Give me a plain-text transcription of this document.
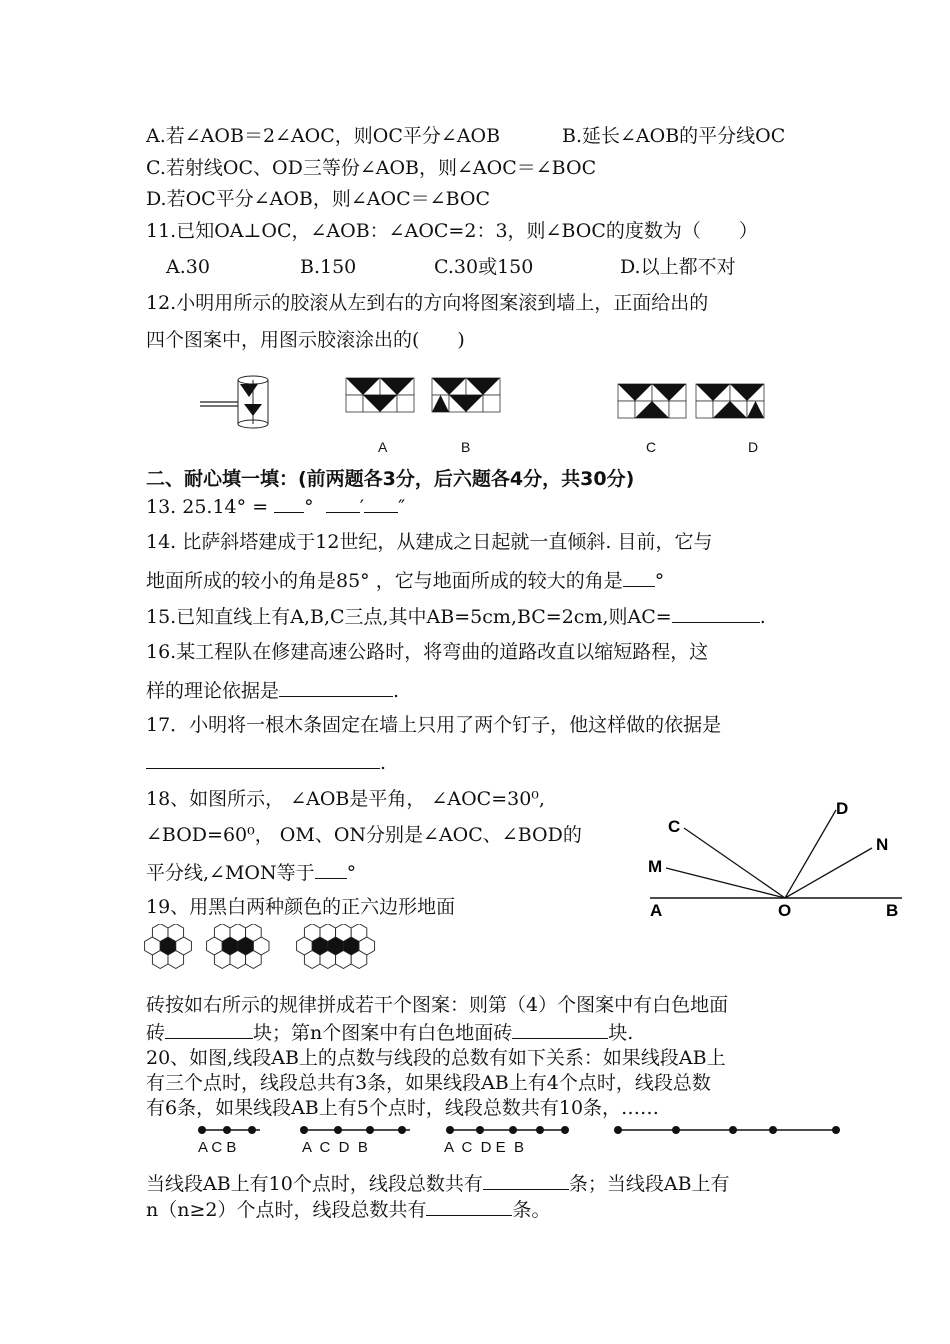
A.若∠AOB＝2∠AOC，则OC平分∠AOB	B.延长∠AOB的平分线OC
C.若射线OC、OD三等份∠AOB，则∠AOC＝∠BOC
D.若OC平分∠AOB，则∠AOC＝∠BOC
11.已知OA⊥OC，∠AOB：∠AOC=2：3，则∠BOC的度数为（　　）
A.30	B.150	C.30或150	D.以上都不对
12.小明用所示的胶滚从左到右的方向将图案滚到墙上，正面给出的
四个图案中，用图示胶滚涂出的(　　)
A	B	C	D
二、耐心填一填：(前两题各3分，后六题各4分，共30分)
13. 25.14° = ° ′ ″
14. 比萨斜塔建成于12世纪，从建成之日起就一直倾斜. 目前，它与
地面所成的较小的角是85° ，它与地面所成的较大的角是 °
15.已知直线上有A,B,C三点,其中AB=5cm,BC=2cm,则AC=	.
16.某工程队在修建高速公路时，将弯曲的道路改直以缩短路程，这
样的理论依据是	.
17．小明将一根木条固定在墙上只用了两个钉子，他这样做的依据是
.
18、如图所示， ∠AOB是平角， ∠AOC=30⁰,
∠BOD=60⁰， OM、ON分别是∠AOC、∠BOD的
平分线,∠MON等于 °
A	O	B
C
D
M
N
19、用黑白两种颜色的正六边形地面
砖按如右所示的规律拼成若干个图案：则第（4）个图案中有白色地面
砖	块；第n个图案中有白色地面砖	块.
20、如图,线段AB上的点数与线段的总数有如下关系：如果线段AB上
有三个点时，线段总共有3条，如果线段AB上有4个点时，线段总数
有6条，如果线段AB上有5个点时，线段总数共有10条，……
A C B	A  C  D  B	A  C  D E  B
当线段AB上有10个点时，线段总数共有	条；当线段AB上有
n（n≥2）个点时，线段总数共有	条。
